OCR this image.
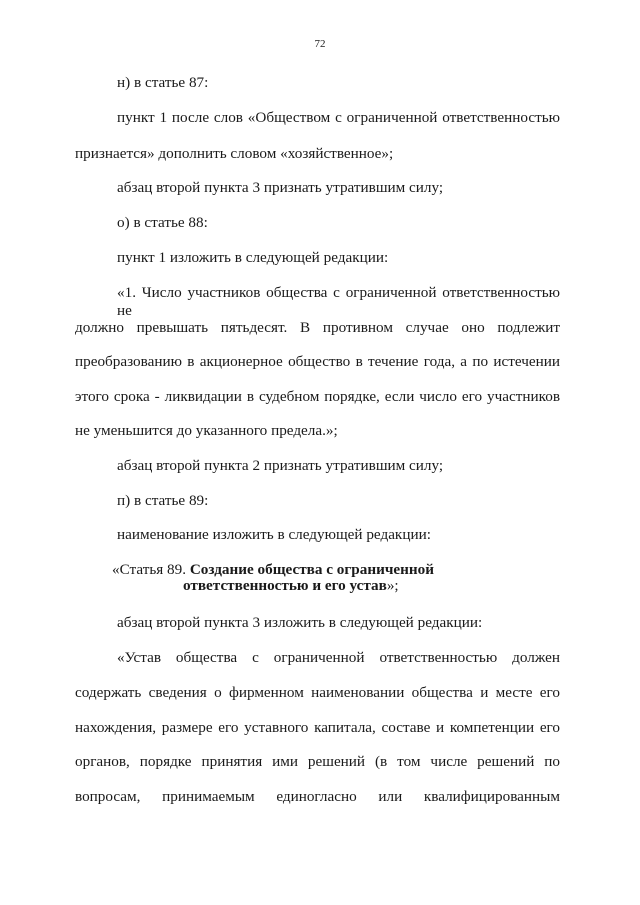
72
н) в статье 87:
пункт 1 после слов «Обществом с ограниченной ответственностью
признается» дополнить словом «хозяйственное»;
абзац второй пункта 3 признать утратившим силу;
о) в статье 88:
пункт 1 изложить в следующей редакции:
«1. Число участников общества с ограниченной ответственностью не
должно превышать пятьдесят. В противном случае оно подлежит
преобразованию в акционерное общество в течение года, а по истечении
этого срока - ликвидации в судебном порядке, если число его участников
не уменьшится до указанного предела.»;
абзац второй пункта 2 признать утратившим силу;
п) в статье 89:
наименование изложить в следующей редакции:
«Статья 89. Создание общества с ограниченной
ответственностью и его устав»;
абзац второй пункта 3 изложить в следующей редакции:
«Устав общества с ограниченной ответственностью должен
содержать сведения о фирменном наименовании общества и месте его
нахождения, размере его уставного капитала, составе и компетенции его
органов, порядке принятия ими решений (в том числе решений по
вопросам, принимаемым единогласно или квалифицированным
